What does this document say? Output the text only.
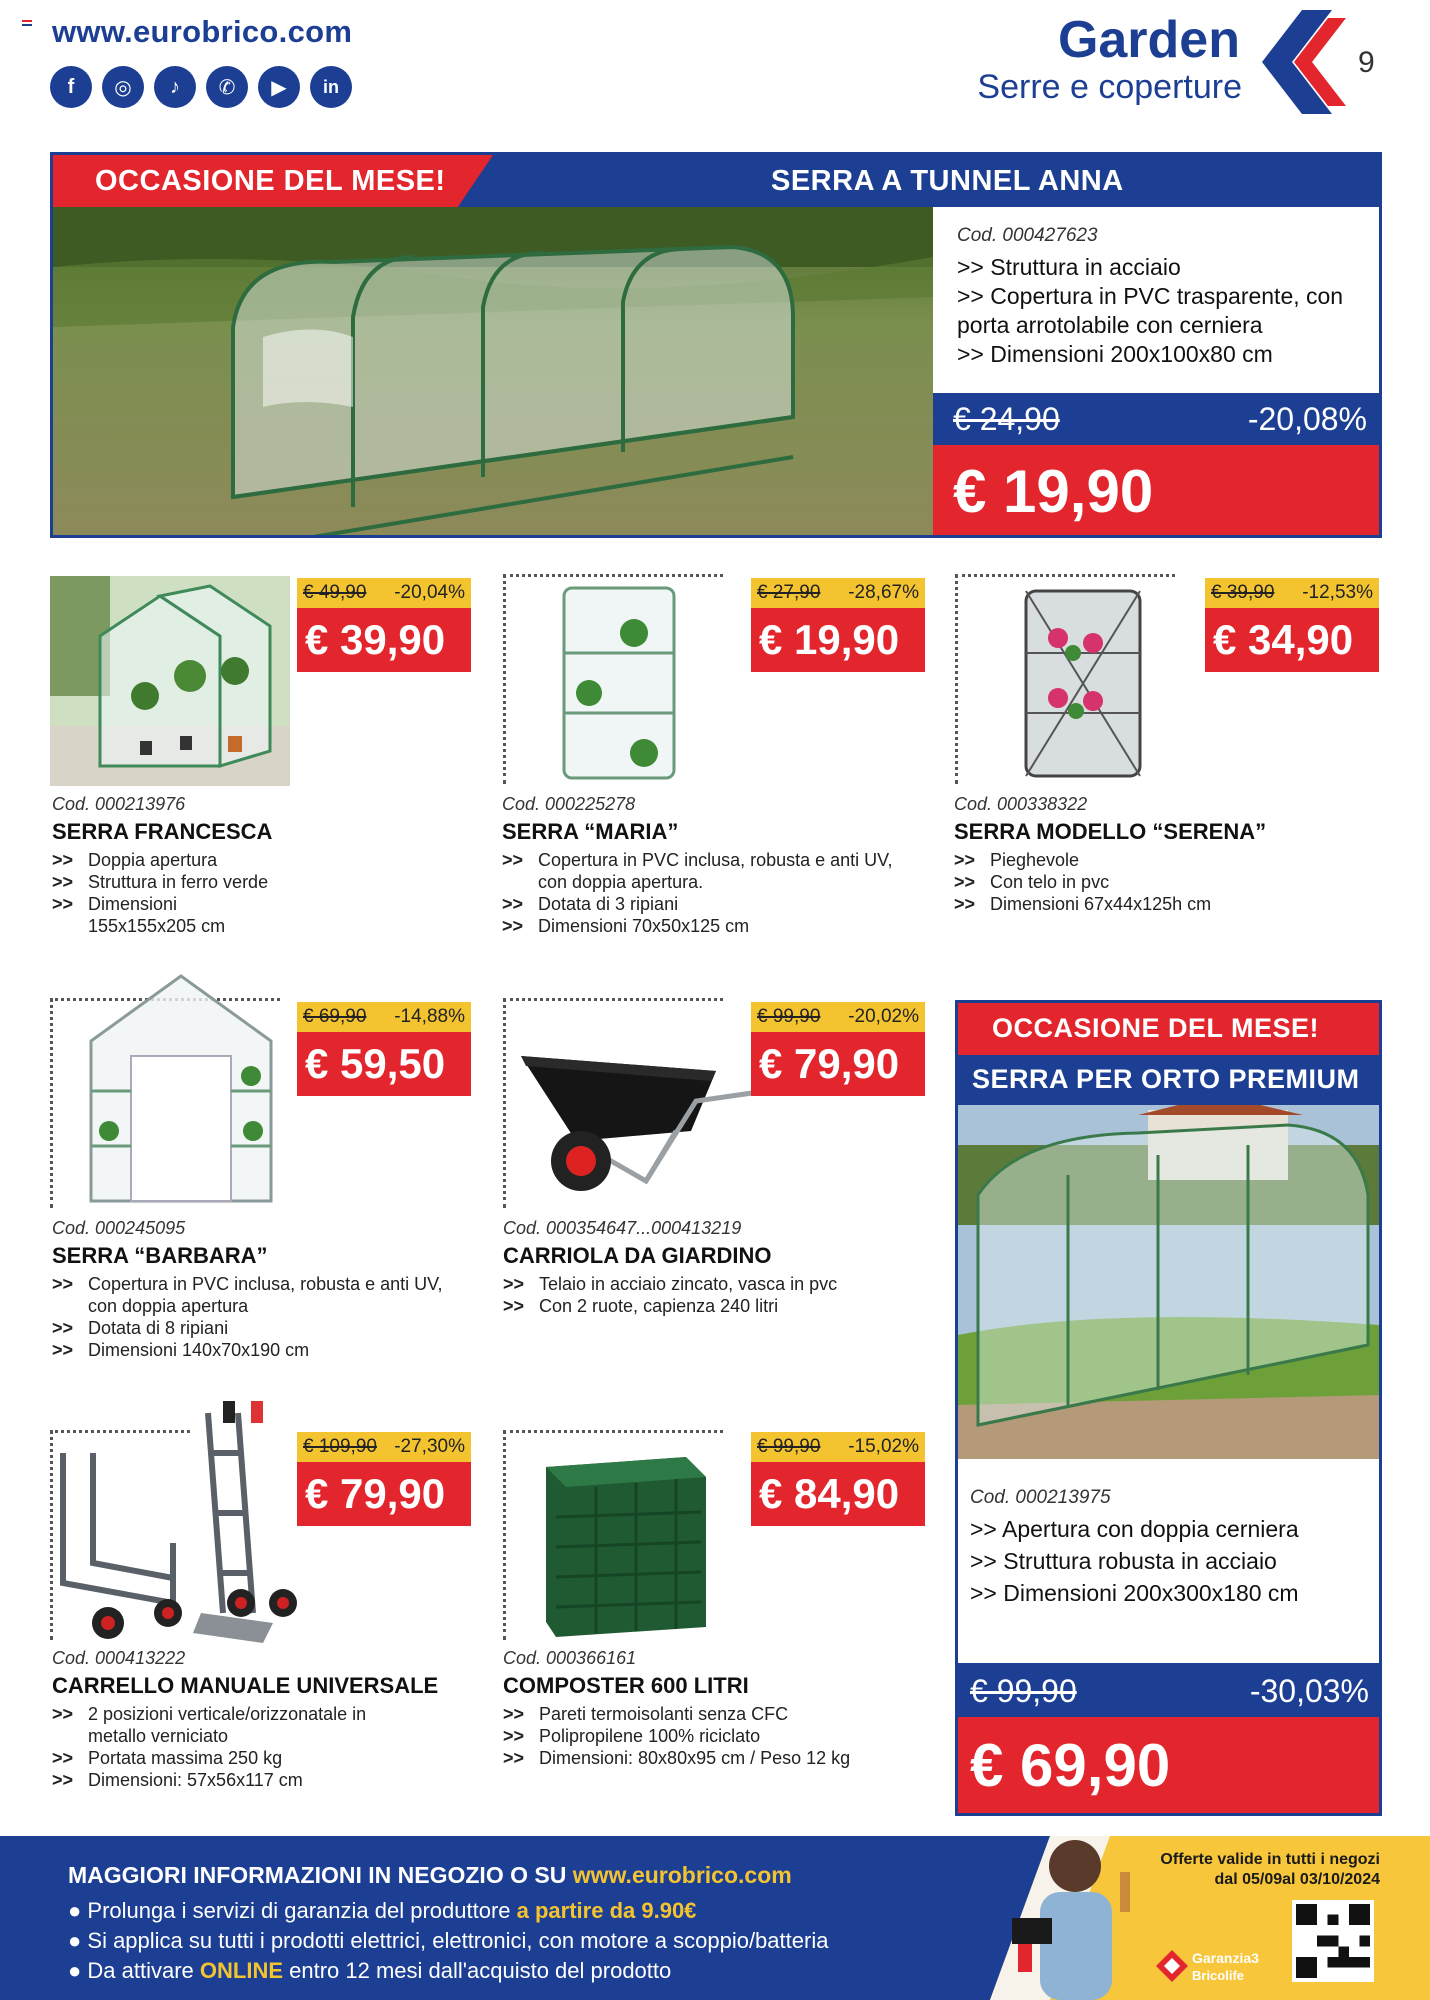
www.eurobrico.com
f ◎ ♪ ✆ ▶ in
Garden
Serre e coperture
9
OCCASIONE DEL MESE!	SERRA A TUNNEL ANNA
Cod. 000427623
>> Struttura in acciaio
>> Copertura in PVC trasparente, con porta arrotolabile con cerniera
>> Dimensioni 200x100x80 cm
€ 24,90	-20,08%
€ 19,90
€ 49,90 -20,04%
€ 39,90
Cod. 000213976
SERRA FRANCESCA
>> Doppia apertura
>> Struttura in ferro verde
>> Dimensioni 155x155x205 cm
€ 27,90 -28,67%
€ 19,90
Cod. 000225278
SERRA “MARIA”
>> Copertura in PVC inclusa, robusta e anti UV, con doppia apertura.
>> Dotata di 3 ripiani
>> Dimensioni 70x50x125 cm
€ 39,90 -12,53%
€ 34,90
Cod. 000338322
SERRA MODELLO “SERENA”
>> Pieghevole
>> Con telo in pvc
>> Dimensioni 67x44x125h cm
€ 69,90 -14,88%
€ 59,50
Cod. 000245095
SERRA “BARBARA”
>> Copertura in PVC inclusa, robusta e anti UV, con doppia apertura
>> Dotata di 8 ripiani
>> Dimensioni 140x70x190 cm
€ 99,90 -20,02%
€ 79,90
Cod. 000354647...000413219
CARRIOLA DA GIARDINO
>> Telaio in acciaio zincato, vasca in pvc
>> Con 2 ruote, capienza 240 litri
€ 109,90 -27,30%
€ 79,90
Cod. 000413222
CARRELLO MANUALE UNIVERSALE
>> 2 posizioni verticale/orizzonatale in metallo verniciato
>> Portata massima 250 kg
>> Dimensioni: 57x56x117 cm
€ 99,90 -15,02%
€ 84,90
Cod. 000366161
COMPOSTER 600 LITRI
>> Pareti termoisolanti senza CFC
>> Polipropilene 100% riciclato
>> Dimensioni: 80x80x95 cm / Peso 12 kg
OCCASIONE DEL MESE!
SERRA PER ORTO PREMIUM
Cod. 000213975
>> Apertura con doppia cerniera
>> Struttura robusta in acciaio
>> Dimensioni 200x300x180 cm
€ 99,90	-30,03%
€ 69,90
MAGGIORI INFORMAZIONI IN NEGOZIO O SU www.eurobrico.com
● Prolunga i servizi di garanzia del produttore a partire da 9.90€
● Si applica su tutti i prodotti elettrici, elettronici, con motore a scoppio/batteria
● Da attivare ONLINE entro 12 mesi dall'acquisto del prodotto
Offerte valide in tutti i negozi
dal 05/09al 03/10/2024
Garanzia3
Bricolife
